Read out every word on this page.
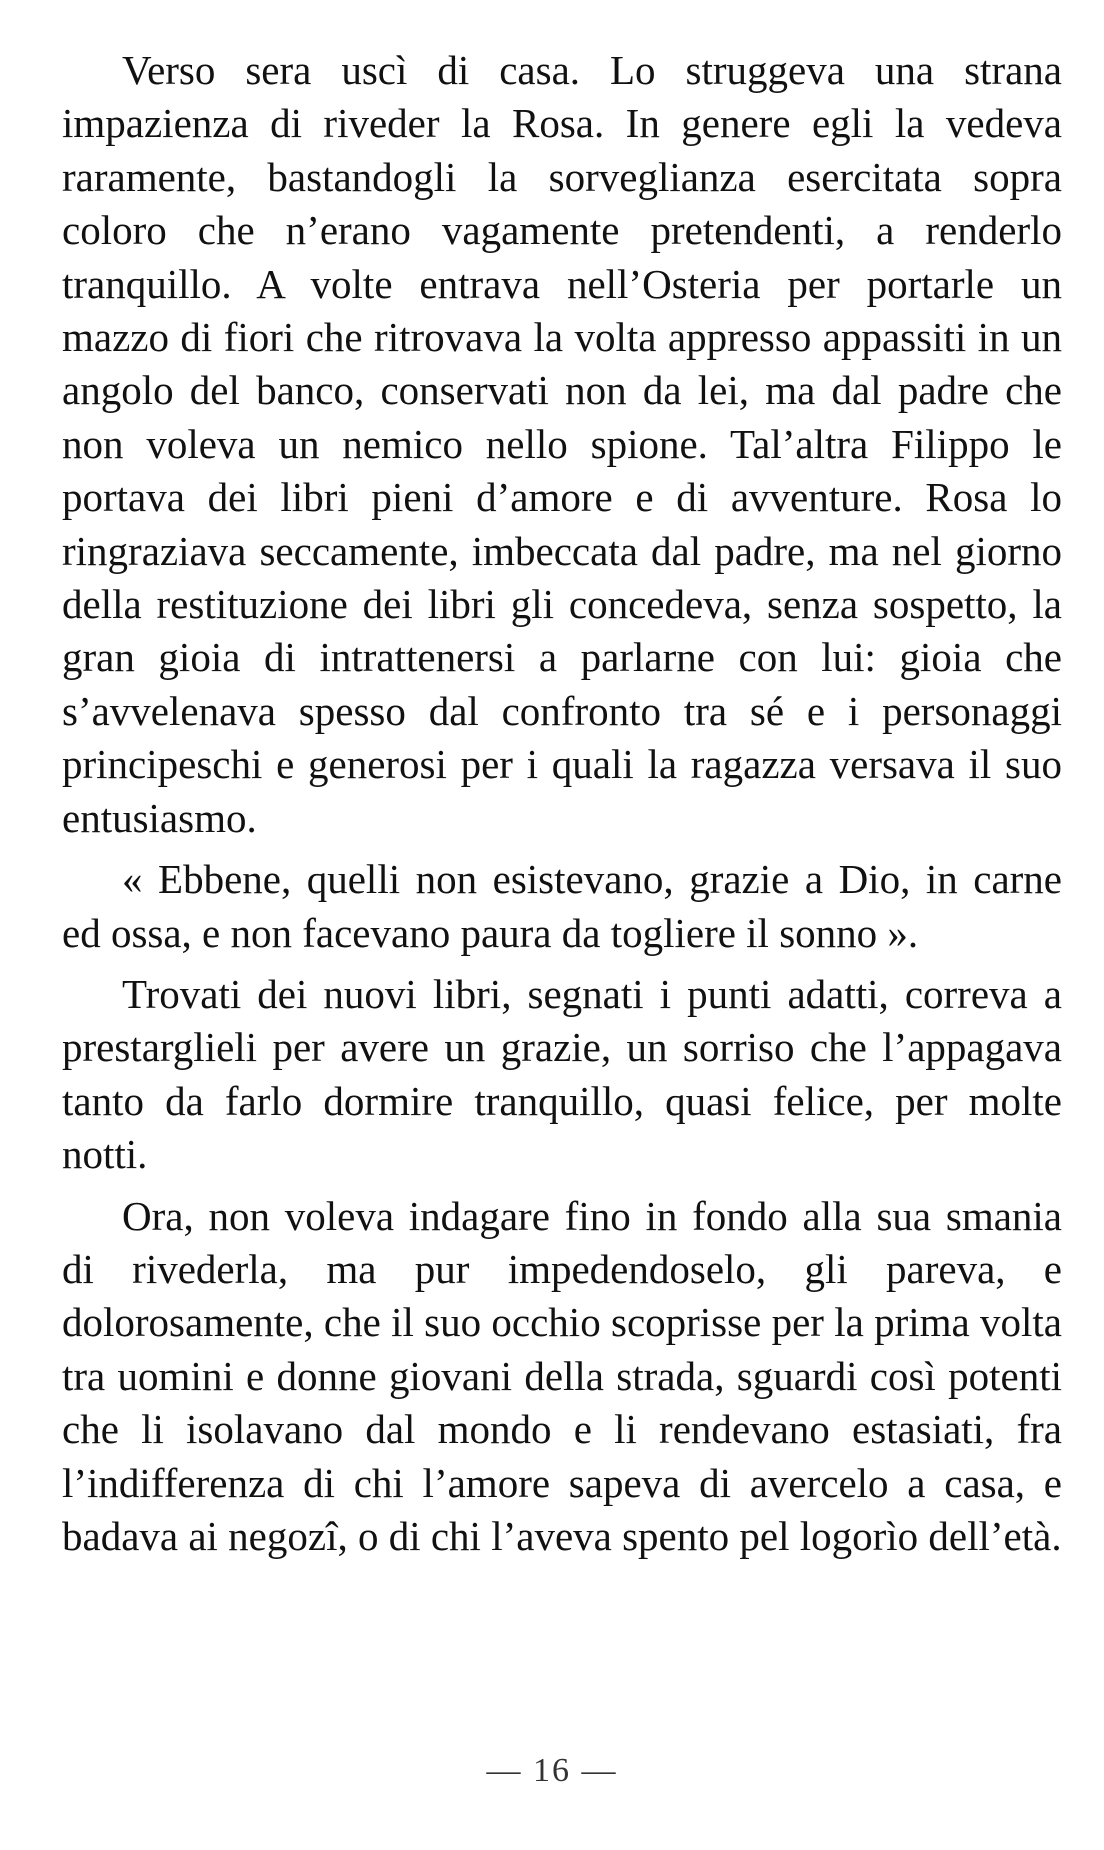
Verso sera uscì di casa. Lo struggeva una strana impazienza di riveder la Rosa. In genere egli la vedeva raramente, bastandogli la sorveglianza esercitata sopra coloro che n’erano vagamente pretendenti, a renderlo tranquillo. A volte entrava nell’Osteria per portarle un mazzo di fiori che ritrovava la volta appresso appassiti in un angolo del banco, conservati non da lei, ma dal padre che non voleva un nemico nello spione. Tal’altra Filippo le portava dei libri pieni d’amore e di avventure. Rosa lo ringraziava seccamente, imbeccata dal padre, ma nel giorno della restituzione dei libri gli concedeva, senza sospetto, la gran gioia di intrattenersi a parlarne con lui: gioia che s’avvelenava spesso dal confronto tra sé e i personaggi principeschi e generosi per i quali la ragazza versava il suo entusiasmo.

« Ebbene, quelli non esistevano, grazie a Dio, in carne ed ossa, e non facevano paura da togliere il sonno ».

Trovati dei nuovi libri, segnati i punti adatti, correva a prestarglieli per avere un grazie, un sorriso che l’appagava tanto da farlo dormire tranquillo, quasi felice, per molte notti.

Ora, non voleva indagare fino in fondo alla sua smania di rivederla, ma pur impedendoselo, gli pareva, e dolorosamente, che il suo occhio scoprisse per la prima volta tra uomini e donne giovani della strada, sguardi così potenti che li isolavano dal mondo e li rendevano estasiati, fra l’indifferenza di chi l’amore sapeva di avercelo a casa, e badava ai negozî, o di chi l’aveva spento pel logorìo dell’età.

— 16 —
